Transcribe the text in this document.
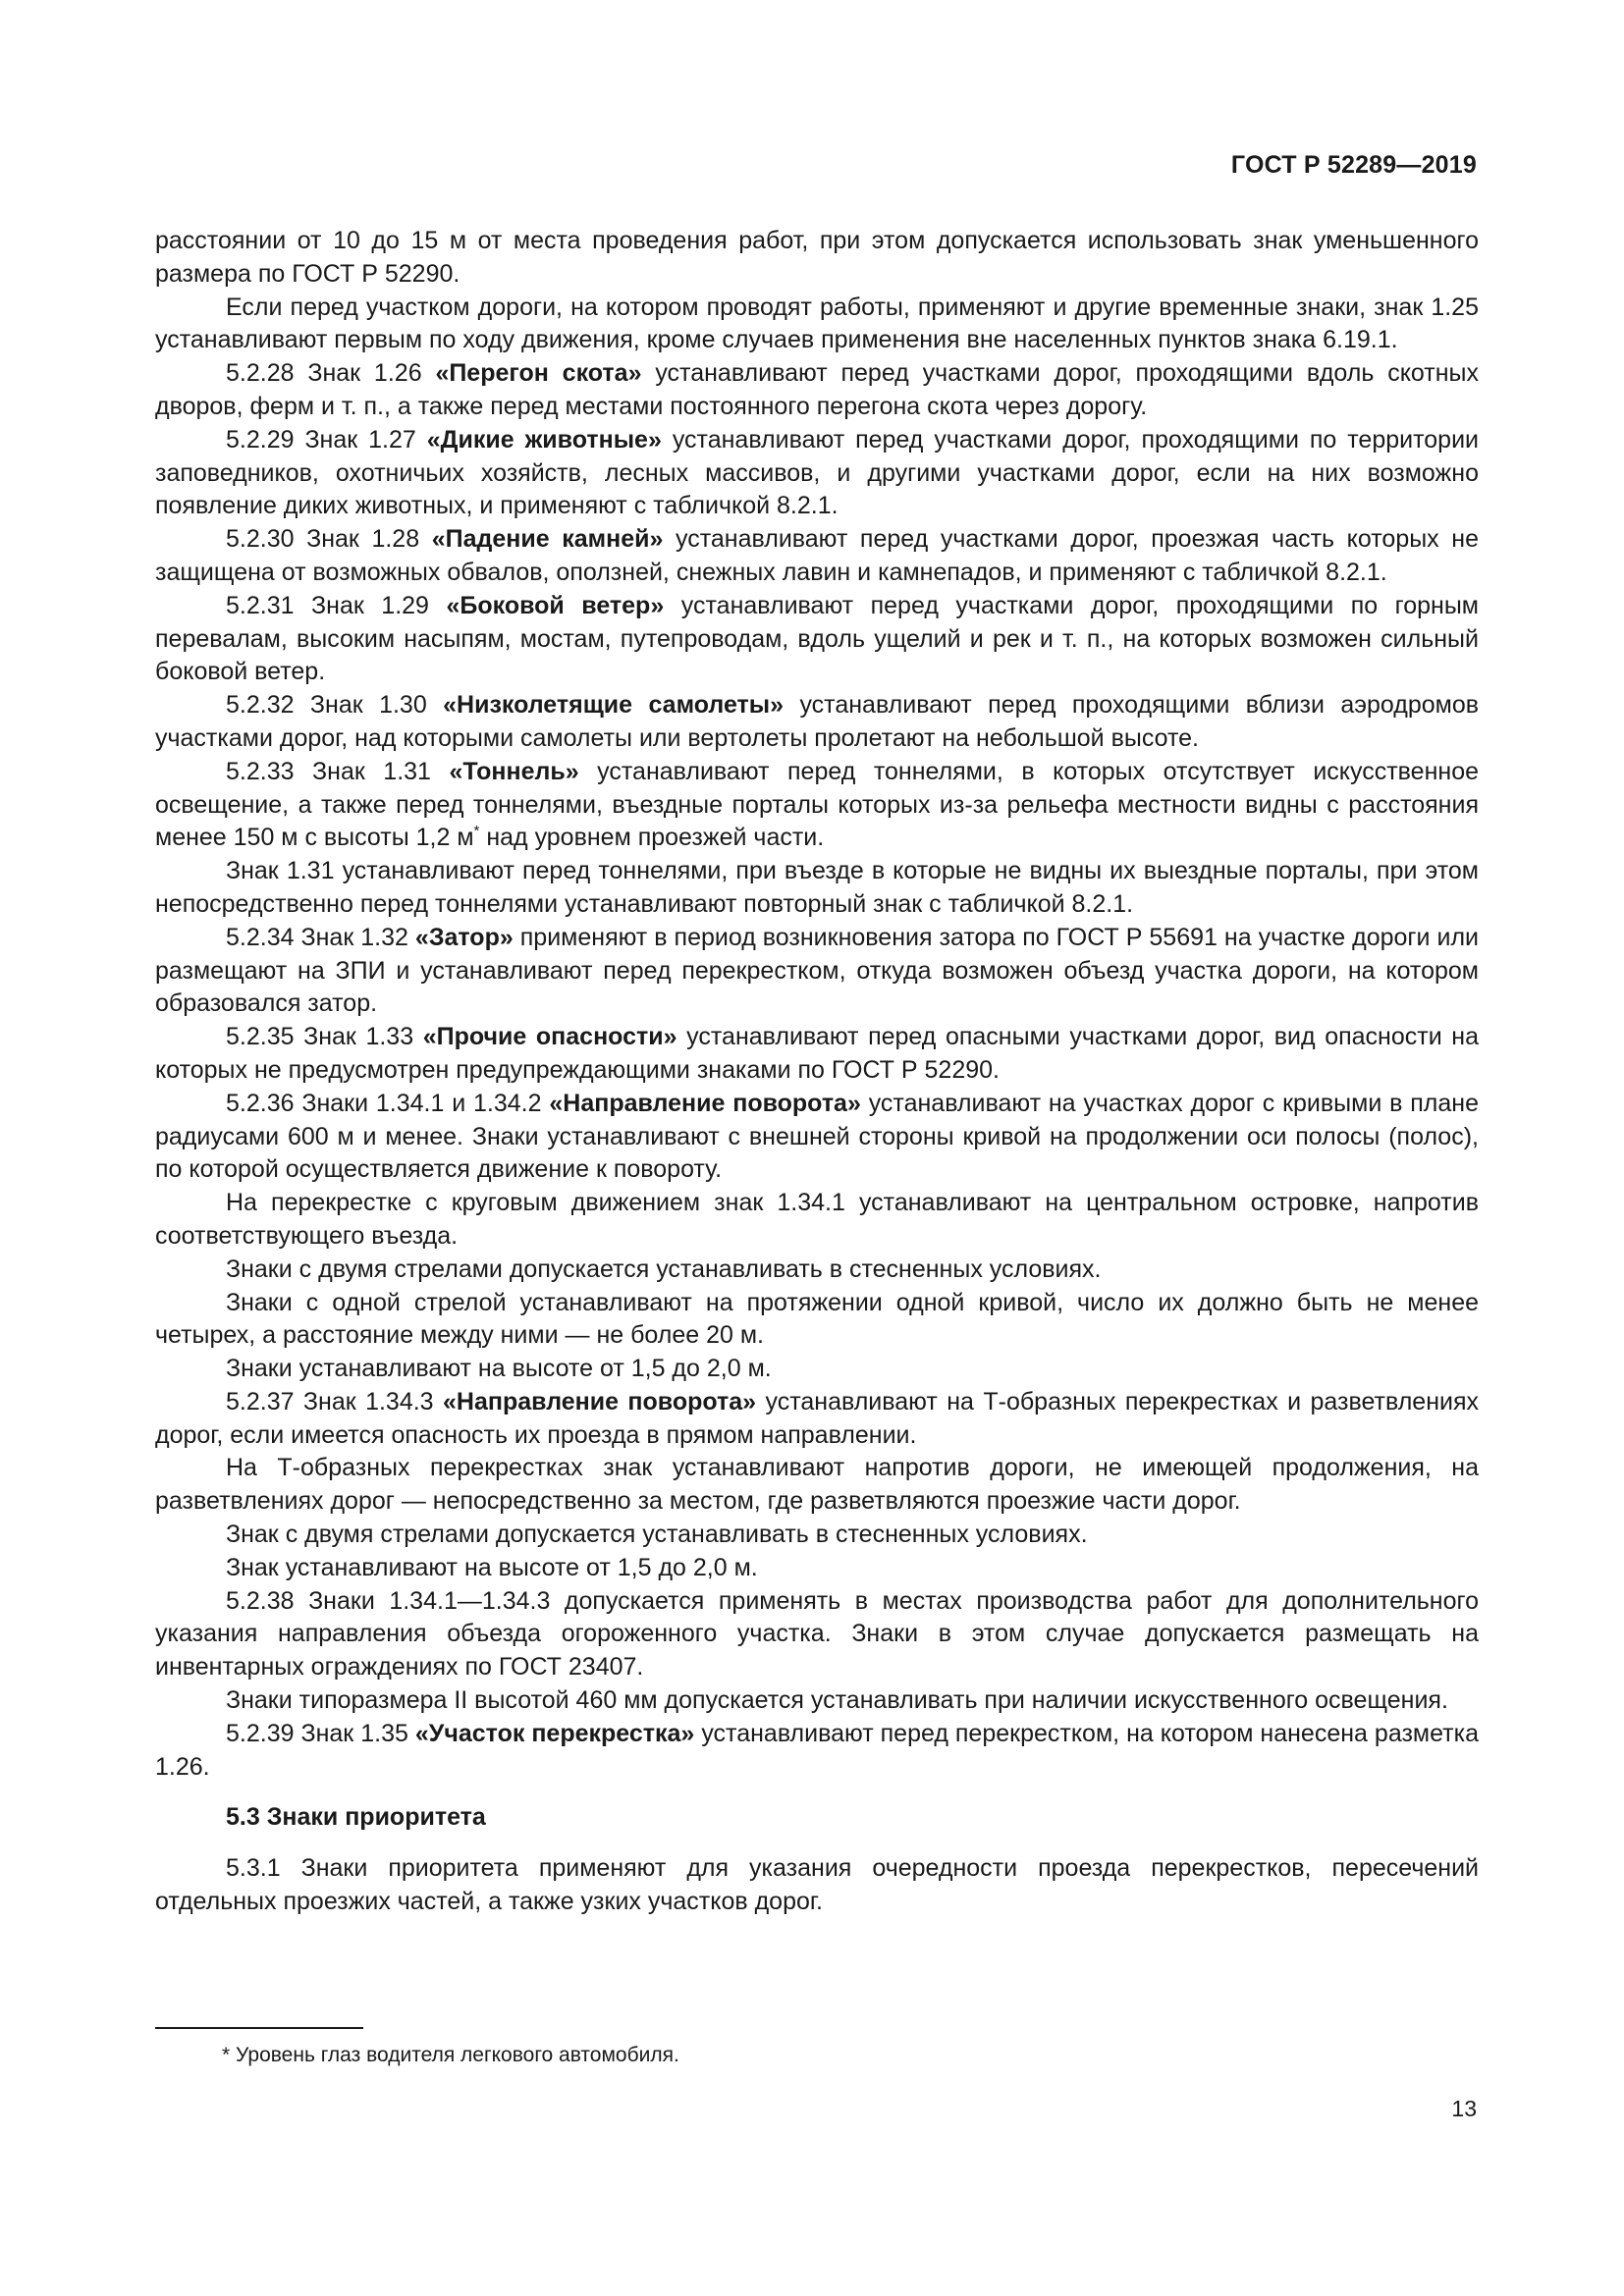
ГОСТ Р 52289—2019

расстоянии от 10 до 15 м от места проведения работ, при этом допускается использовать знак уменьшенного размера по ГОСТ Р 52290.

Если перед участком дороги, на котором проводят работы, применяют и другие временные знаки, знак 1.25 устанавливают первым по ходу движения, кроме случаев применения вне населенных пунктов знака 6.19.1.

5.2.28 Знак 1.26 «Перегон скота» устанавливают перед участками дорог, проходящими вдоль скотных дворов, ферм и т. п., а также перед местами постоянного перегона скота через дорогу.

5.2.29 Знак 1.27 «Дикие животные» устанавливают перед участками дорог, проходящими по территории заповедников, охотничьих хозяйств, лесных массивов, и другими участками дорог, если на них возможно появление диких животных, и применяют с табличкой 8.2.1.

5.2.30 Знак 1.28 «Падение камней» устанавливают перед участками дорог, проезжая часть которых не защищена от возможных обвалов, оползней, снежных лавин и камнепадов, и применяют с табличкой 8.2.1.

5.2.31 Знак 1.29 «Боковой ветер» устанавливают перед участками дорог, проходящими по горным перевалам, высоким насыпям, мостам, путепроводам, вдоль ущелий и рек и т. п., на которых возможен сильный боковой ветер.

5.2.32 Знак 1.30 «Низколетящие самолеты» устанавливают перед проходящими вблизи аэродромов участками дорог, над которыми самолеты или вертолеты пролетают на небольшой высоте.

5.2.33 Знак 1.31 «Тоннель» устанавливают перед тоннелями, в которых отсутствует искусственное освещение, а также перед тоннелями, въездные порталы которых из-за рельефа местности видны с расстояния менее 150 м с высоты 1,2 м* над уровнем проезжей части.

Знак 1.31 устанавливают перед тоннелями, при въезде в которые не видны их выездные порталы, при этом непосредственно перед тоннелями устанавливают повторный знак с табличкой 8.2.1.

5.2.34 Знак 1.32 «Затор» применяют в период возникновения затора по ГОСТ Р 55691 на участке дороги или размещают на ЗПИ и устанавливают перед перекрестком, откуда возможен объезд участка дороги, на котором образовался затор.

5.2.35 Знак 1.33 «Прочие опасности» устанавливают перед опасными участками дорог, вид опасности на которых не предусмотрен предупреждающими знаками по ГОСТ Р 52290.

5.2.36 Знаки 1.34.1 и 1.34.2 «Направление поворота» устанавливают на участках дорог с кривыми в плане радиусами 600 м и менее. Знаки устанавливают с внешней стороны кривой на продолжении оси полосы (полос), по которой осуществляется движение к повороту.

На перекрестке с круговым движением знак 1.34.1 устанавливают на центральном островке, напротив соответствующего въезда.

Знаки с двумя стрелами допускается устанавливать в стесненных условиях.

Знаки с одной стрелой устанавливают на протяжении одной кривой, число их должно быть не менее четырех, а расстояние между ними — не более 20 м.

Знаки устанавливают на высоте от 1,5 до 2,0 м.

5.2.37 Знак 1.34.3 «Направление поворота» устанавливают на Т-образных перекрестках и разветвлениях дорог, если имеется опасность их проезда в прямом направлении.

На Т-образных перекрестках знак устанавливают напротив дороги, не имеющей продолжения, на разветвлениях дорог — непосредственно за местом, где разветвляются проезжие части дорог.

Знак с двумя стрелами допускается устанавливать в стесненных условиях.

Знак устанавливают на высоте от 1,5 до 2,0 м.

5.2.38 Знаки 1.34.1—1.34.3 допускается применять в местах производства работ для дополнительного указания направления объезда огороженного участка. Знаки в этом случае допускается размещать на инвентарных ограждениях по ГОСТ 23407.

Знаки типоразмера II высотой 460 мм допускается устанавливать при наличии искусственного освещения.

5.2.39 Знак 1.35 «Участок перекрестка» устанавливают перед перекрестком, на котором нанесена разметка 1.26.

5.3 Знаки приоритета

5.3.1 Знаки приоритета применяют для указания очередности проезда перекрестков, пересечений отдельных проезжих частей, а также узких участков дорог.

* Уровень глаз водителя легкового автомобиля.
13
